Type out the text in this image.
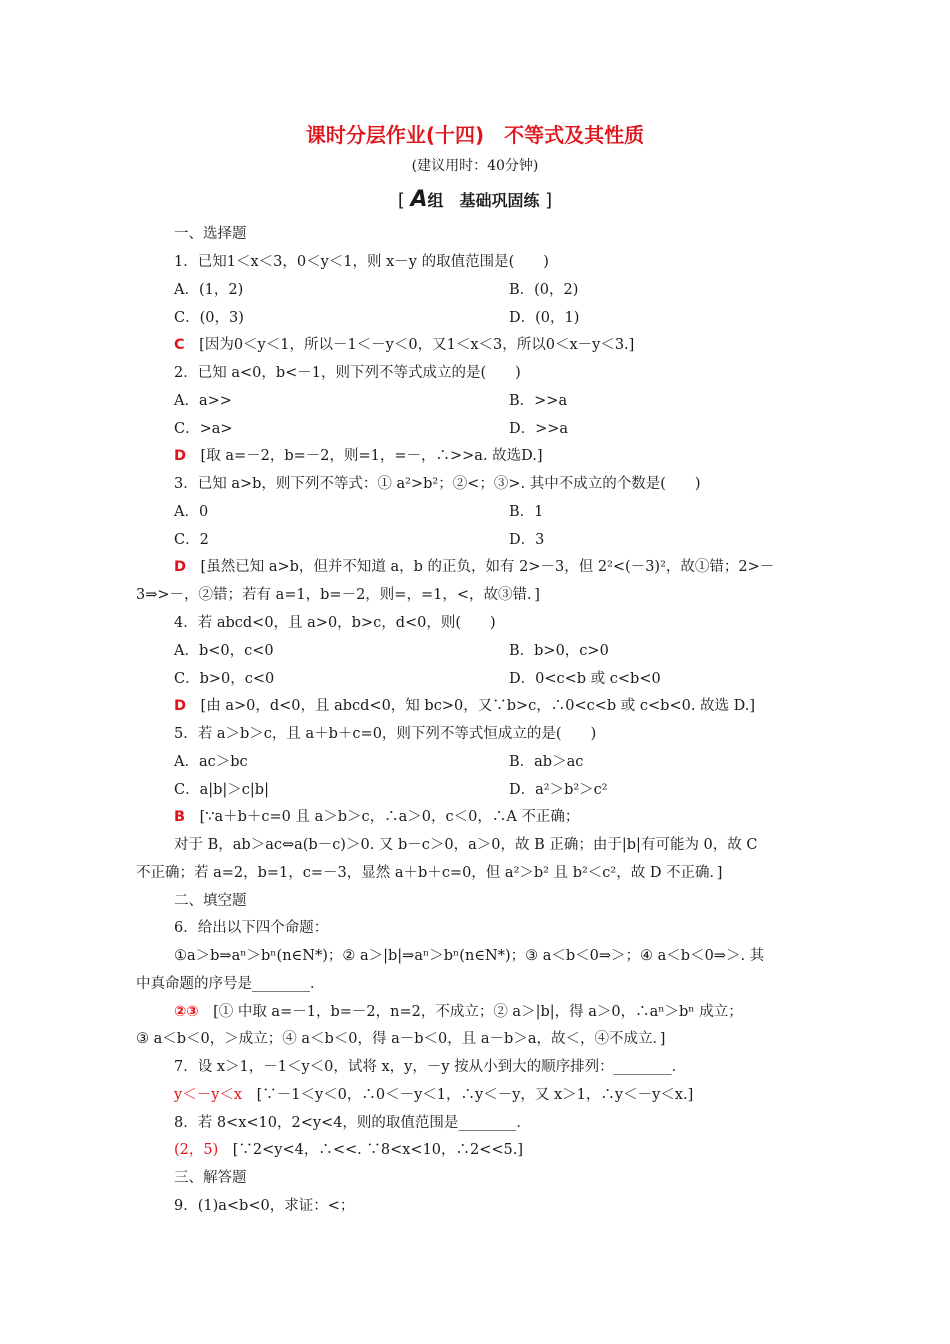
课时分层作业(十四)　不等式及其性质
(建议用时：40分钟)
[ A组　基础巩固练 ]
一、选择题
1．已知1＜x＜3，0＜y＜1，则 x－y 的取值范围是(　　)
A．(1，2)	B．(0，2)
C．(0，3)	D．(0，1)
C　[因为0＜y＜1，所以－1＜－y＜0，又1＜x＜3，所以0＜x－y＜3.]
2．已知 a<0，b<－1，则下列不等式成立的是(　　)
A．a>>	B．>>a
C．>a>	D．>>a
D　[取 a=－2，b=－2，则=1，=－，∴>>a. 故选D.]
3．已知 a>b，则下列不等式：① a²>b²；②<；③>. 其中不成立的个数是(　　)
A．0	B．1
C．2	D．3
D　[虽然已知 a>b，但并不知道 a，b 的正负，如有 2>－3，但 2²<(－3)²，故①错；2>－
3⇒>－，②错；若有 a=1，b=－2，则=，=1，<，故③错．]
4．若 abcd<0，且 a>0，b>c，d<0，则(　　)
A．b<0，c<0	B．b>0，c>0
C．b>0，c<0	D．0<c<b 或 c<b<0
D　[由 a>0，d<0，且 abcd<0，知 bc>0，又∵b>c，∴0<c<b 或 c<b<0. 故选 D.]
5．若 a＞b＞c，且 a＋b＋c=0，则下列不等式恒成立的是(　　)
A．ac＞bc	B．ab＞ac
C．a|b|＞c|b|	D．a²＞b²＞c²
B　[∵a＋b＋c=0 且 a＞b＞c，∴a＞0，c＜0，∴A 不正确；
对于 B，ab＞ac⇔a(b－c)＞0. 又 b－c＞0，a＞0，故 B 正确；由于|b|有可能为 0，故 C
不正确；若 a=2，b=1，c=－3，显然 a＋b＋c=0，但 a²＞b² 且 b²＜c²，故 D 不正确．]
二、填空题
6．给出以下四个命题：
①a＞b⇒aⁿ＞bⁿ(n∈N*)；② a＞|b|⇒aⁿ＞bⁿ(n∈N*)；③ a＜b＜0⇒＞；④ a＜b＜0⇒＞. 其
中真命题的序号是________．
②③　[① 中取 a=－1，b=－2，n=2，不成立；② a＞|b|，得 a＞0，∴aⁿ＞bⁿ 成立；
③ a＜b＜0，＞成立；④ a＜b＜0，得 a－b＜0，且 a－b＞a，故＜，④不成立．]
7．设 x＞1，－1＜y＜0，试将 x，y，－y 按从小到大的顺序排列：________．
y＜－y＜x　[∵－1＜y＜0，∴0＜－y＜1，∴y＜－y，又 x＞1，∴y＜－y＜x.]
8．若 8<x<10，2<y<4，则的取值范围是________．
(2，5)　[∵2<y<4，∴<<. ∵8<x<10，∴2<<5.]
三、解答题
9．(1)a<b<0，求证：<；
